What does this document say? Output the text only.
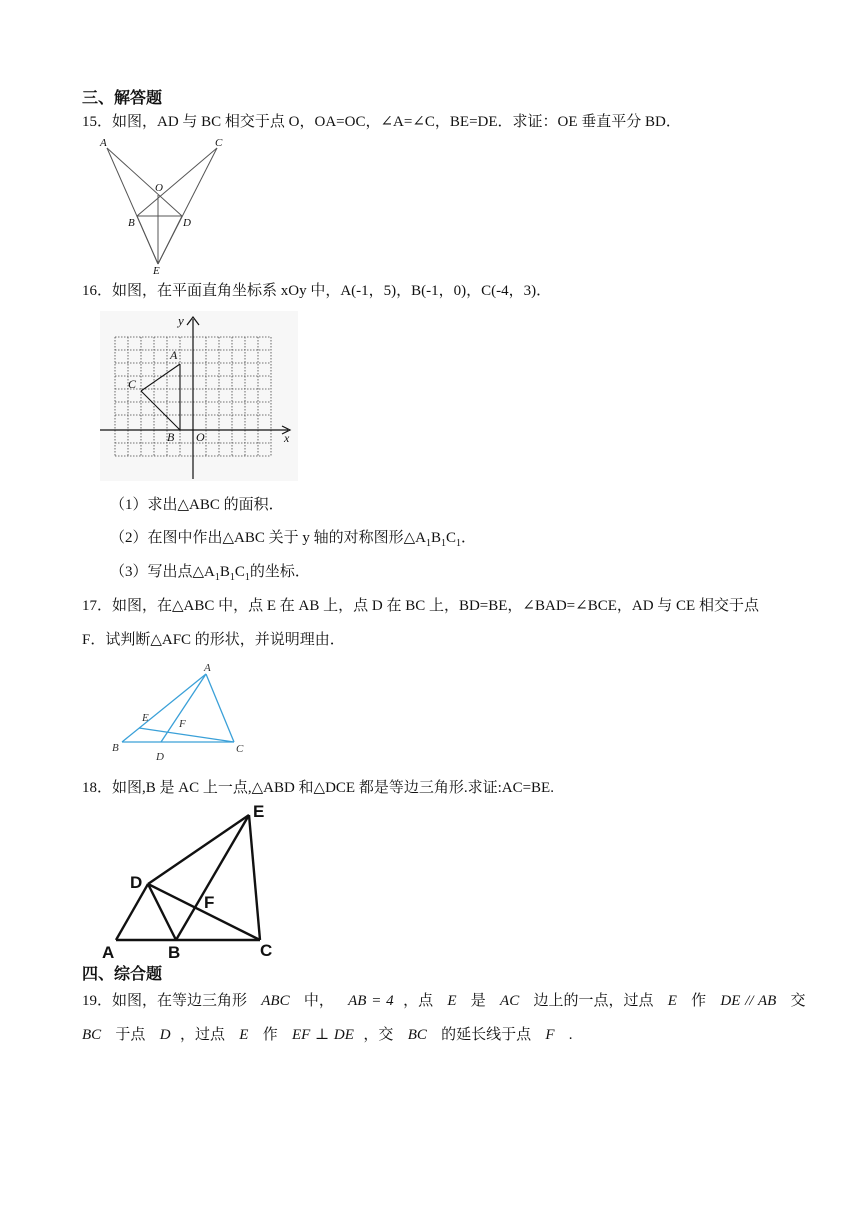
三、解答题
15．如图，AD 与 BC 相交于点 O，OA=OC，∠A=∠C，BE=DE．求证：OE 垂直平分 BD．
A	C
O
B	D
E
16．如图，在平面直角坐标系 xOy 中，A(-1，5)，B(-1，0)，C(-4，3)．
y
x
A
C
B O
（1）求出△ABC 的面积．
（2）在图中作出△ABC 关于 y 轴的对称图形$\triangle A_1B_1C_1$．
（3）写出点$\triangle A_1B_1C_1$的坐标．
17．如图，在△ABC 中，点 E 在 AB 上，点 D 在 BC 上，BD=BE，∠BAD=∠BCE，AD 与 CE 相交于点
F．试判断△AFC 的形状，并说明理由．
A
E	F
B
D
C
18．如图,B 是 AC 上一点,△ABD 和△DCE 都是等边三角形.求证:AC=BE.
E
D
F
A	B	C
四、综合题
19．如图，在等边三角形 ABC 中， AB = 4 ，点 E 是 AC 边上的一点，过点 E 作 DE // AB 交
BC 于点 D ，过点 E 作 EF ⊥ DE ，交 BC 的延长线于点 F .
